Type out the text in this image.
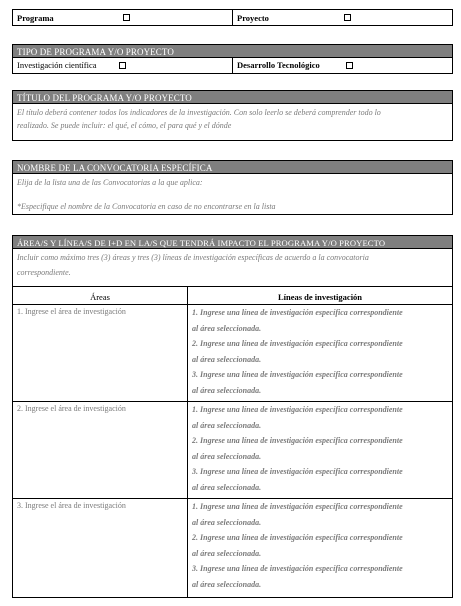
Programa	Proyecto
TIPO DE PROGRAMA Y/O PROYECTO
Investigación científica	Desarrollo Tecnológico
TÍTULO DEL PROGRAMA Y/O PROYECTO
El título deberá contener todos los indicadores de la investigación. Con solo leerlo se deberá comprender todo lo
realizado. Se puede incluir: el qué, el cómo, el para qué y el dónde
NOMBRE DE LA CONVOCATORIA ESPECÍFICA
Elija de la lista una de las Convocatorias a la que aplica:
*Especifique el nombre de la Convocatoria en caso de no encontrarse en la lista
ÁREA/S Y LÍNEA/S DE I+D EN LA/S QUE TENDRÁ IMPACTO EL PROGRAMA Y/O PROYECTO
Incluir como máximo tres (3) áreas y tres (3) líneas de investigación específicas de acuerdo a la convocatoria
correspondiente.
Áreas	Líneas de investigación
1. Ingrese el área de investigación	1. Ingrese una línea de investigación específica correspondiente

al área seleccionada.

2. Ingrese una línea de investigación específica correspondiente

al área seleccionada.

3. Ingrese una línea de investigación específica correspondiente

al área seleccionada.

2. Ingrese el área de investigación	1. Ingrese una línea de investigación específica correspondiente

al área seleccionada.

2. Ingrese una línea de investigación específica correspondiente

al área seleccionada.

3. Ingrese una línea de investigación específica correspondiente

al área seleccionada.

3. Ingrese el área de investigación	1. Ingrese una línea de investigación específica correspondiente

al área seleccionada.

2. Ingrese una línea de investigación específica correspondiente

al área seleccionada.

3. Ingrese una línea de investigación específica correspondiente

al área seleccionada.
